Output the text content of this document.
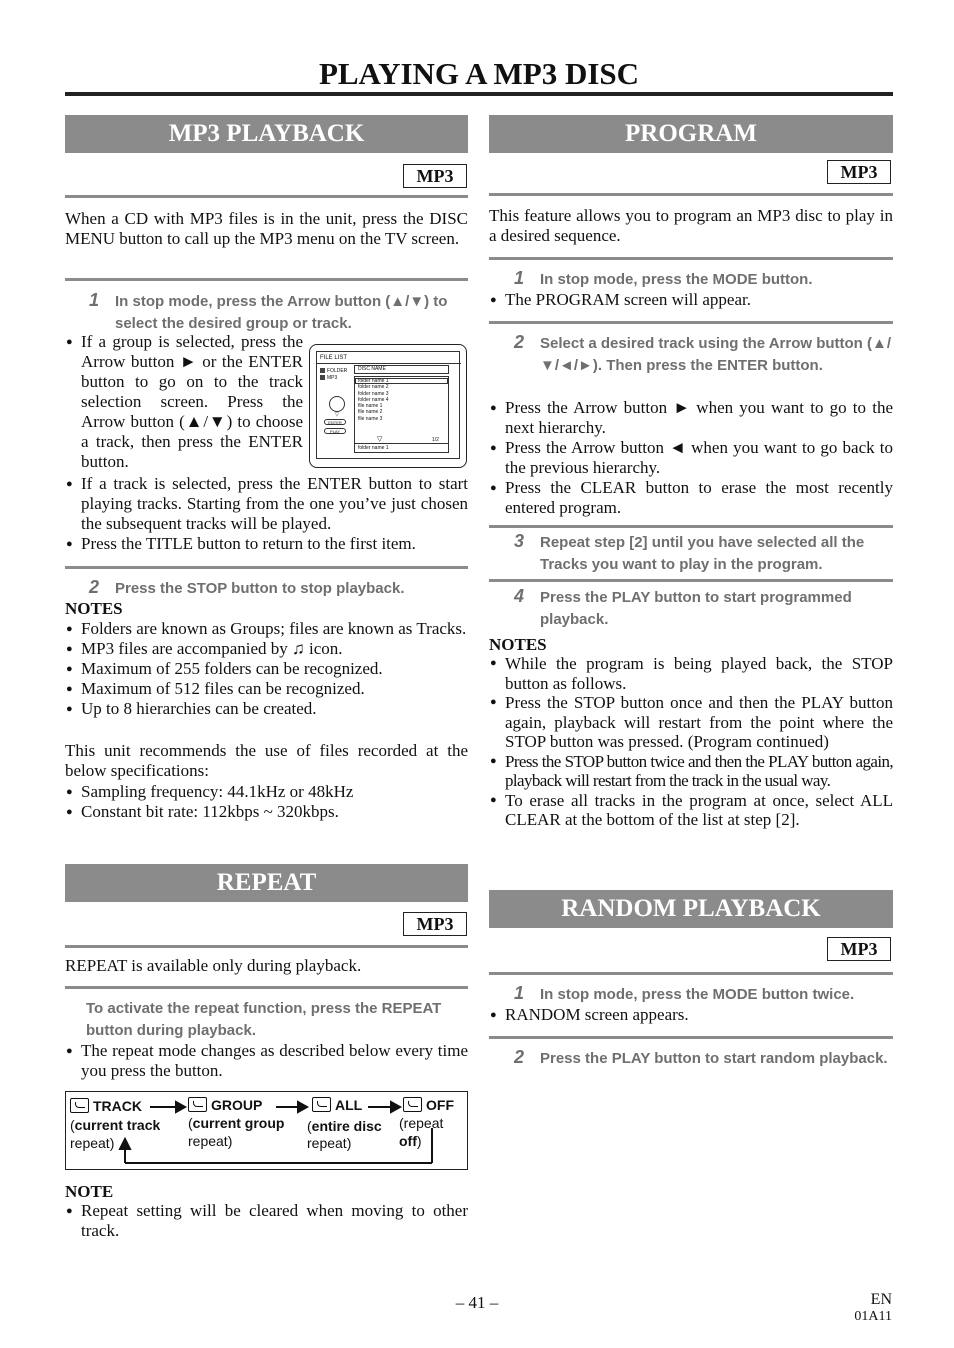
PLAYING A MP3 DISC
MP3 PLAYBACK
MP3
When a CD with MP3 files is in the unit, press the DISC MENU button to call up the MP3 menu on the TV screen.
1 In stop mode, press the Arrow button (▲/▼) to select the desired group or track.
● If a group is selected, press the Arrow button ► or the ENTER button to go on to the track selection screen. Press the Arrow button (▲/▼) to choose a track, then press the ENTER button.
FILE LIST
FOLDER
MP3
▽
ENTER
PLAY
DISC NAME
folder name 1
folder name 2
folder name 3
folder name 4
file name 1
file name 2
file name 3
▽	1/2
folder name 1
● If a track is selected, press the ENTER button to start playing tracks. Starting from the one you’ve just chosen the subsequent tracks will be played.
● Press the TITLE button to return to the first item.
2 Press the STOP button to stop playback.
NOTES
● Folders are known as Groups; files are known as Tracks.
● MP3 files are accompanied by ♫ icon.
● Maximum of 255 folders can be recognized.
● Maximum of 512 files can be recognized.
● Up to 8 hierarchies can be created.
This unit recommends the use of files recorded at the below specifications:
● Sampling frequency: 44.1kHz or 48kHz
● Constant bit rate: 112kbps ~ 320kbps.
REPEAT
MP3
REPEAT is available only during playback.
To activate the repeat function, press the REPEAT button during playback.
● The repeat mode changes as described below every time you press the button.
TRACK
(current track
repeat)
GROUP
(current group
repeat)
ALL
(entire disc
repeat)
OFF
(repeat off)
NOTE
● Repeat setting will be cleared when moving to other track.
PROGRAM
MP3
This feature allows you to program an MP3 disc to play in a desired sequence.
1 In stop mode, press the MODE button.
● The PROGRAM screen will appear.
2 Select a desired track using the Arrow button (▲/▼/◄/►). Then press the ENTER button.
● Press the Arrow button ► when you want to go to the next hierarchy.
● Press the Arrow button ◄ when you want to go back to the previous hierarchy.
● Press the CLEAR button to erase the most recently entered program.
3 Repeat step [2] until you have selected all the Tracks you want to play in the program.
4 Press the PLAY button to start programmed playback.
NOTES
● While the program is being played back, the STOP button as follows.
● Press the STOP button once and then the PLAY button again, playback will restart from the point where the STOP button was pressed. (Program continued)
● Press the STOP button twice and then the PLAY button again, playback will restart from the track in the usual way.
● To erase all tracks in the program at once, select ALL CLEAR at the bottom of the list at step [2].
RANDOM PLAYBACK
MP3
1 In stop mode, press the MODE button twice.
● RANDOM screen appears.
2 Press the PLAY button to start random playback.
– 41 –	EN
01A11
